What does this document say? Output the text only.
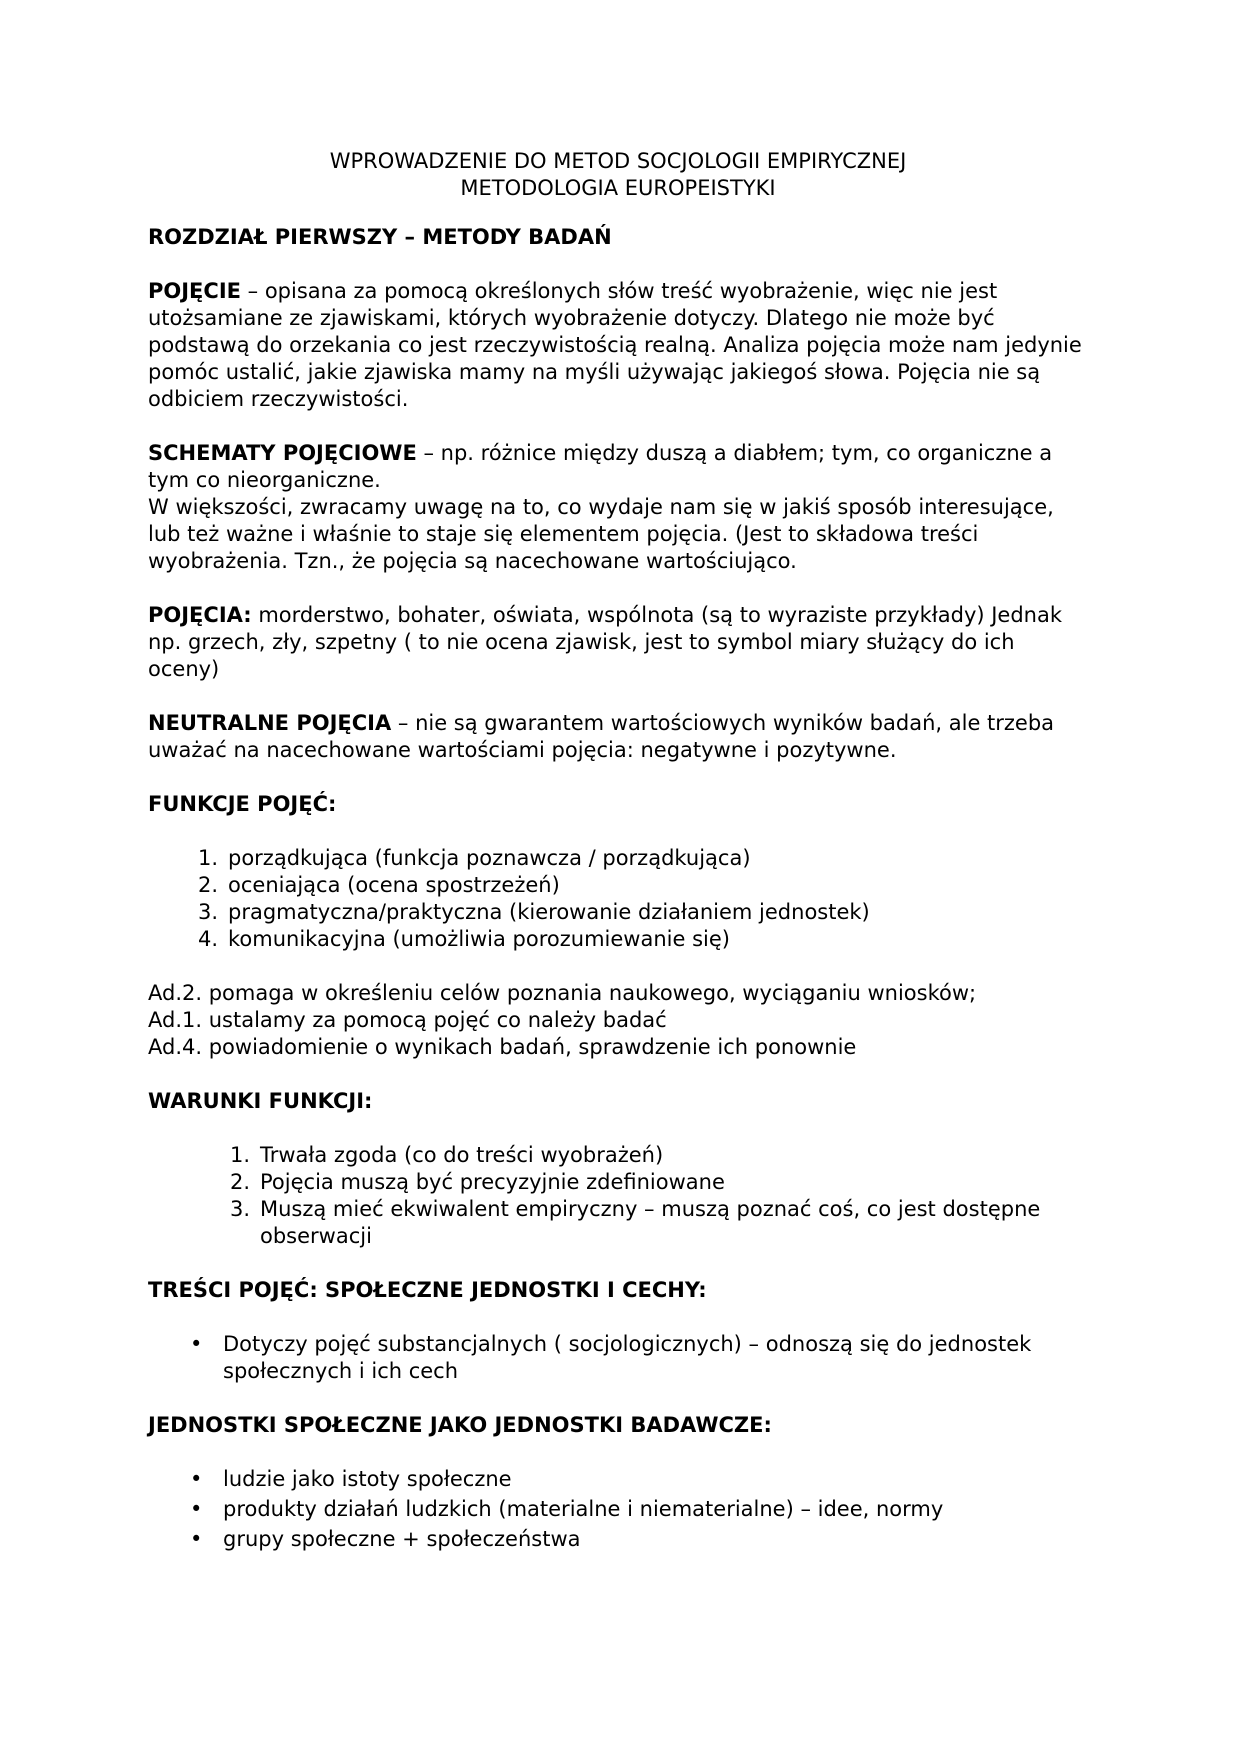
WPROWADZENIE DO METOD SOCJOLOGII EMPIRYCZNEJ
METODOLOGIA EUROPEISTYKI
ROZDZIAŁ PIERWSZY – METODY BADAŃ

POJĘCIE – opisana za pomocą określonych słów treść wyobrażenie, więc nie jest utożsamiane ze zjawiskami, których wyobrażenie dotyczy. Dlatego nie może być podstawą do orzekania co jest rzeczywistością realną. Analiza pojęcia może nam jedynie pomóc ustalić, jakie zjawiska mamy na myśli używając jakiegoś słowa. Pojęcia nie są odbiciem rzeczywistości.

SCHEMATY POJĘCIOWE – np. różnice między duszą a diabłem; tym, co organiczne a tym co nieorganiczne.
W większości, zwracamy uwagę na to, co wydaje nam się w jakiś sposób interesujące, lub też ważne i właśnie to staje się elementem pojęcia. (Jest to składowa treści wyobrażenia. Tzn., że pojęcia są nacechowane wartościująco.

POJĘCIA: morderstwo, bohater, oświata, wspólnota (są to wyraziste przykłady) Jednak np. grzech, zły, szpetny ( to nie ocena zjawisk, jest to symbol miary służący do ich oceny)

NEUTRALNE POJĘCIA – nie są gwarantem wartościowych wyników badań, ale trzeba uważać na nacechowane wartościami pojęcia: negatywne i pozytywne.

FUNKCJE POJĘĆ:
1. porządkująca (funkcja poznawcza / porządkująca)
2. oceniająca (ocena spostrzeżeń)
3. pragmatyczna/praktyczna (kierowanie działaniem jednostek)
4. komunikacyjna (umożliwia porozumiewanie się)
Ad.2. pomaga w określeniu celów poznania naukowego, wyciąganiu wniosków;
Ad.1. ustalamy za pomocą pojęć co należy badać
Ad.4. powiadomienie o wynikach badań, sprawdzenie ich ponownie
WARUNKI FUNKCJI:
1. Trwała zgoda (co do treści wyobrażeń)
2. Pojęcia muszą być precyzyjnie zdefiniowane
3. Muszą mieć ekwiwalent empiryczny – muszą poznać coś, co jest dostępne obserwacji
TREŚCI POJĘĆ: SPOŁECZNE JEDNOSTKI I CECHY:
• Dotyczy pojęć substancjalnych ( socjologicznych) – odnoszą się do jednostek społecznych i ich cech
JEDNOSTKI SPOŁECZNE JAKO JEDNOSTKI BADAWCZE:
• ludzie jako istoty społeczne
• produkty działań ludzkich (materialne i niematerialne) – idee, normy
• grupy społeczne + społeczeństwa
